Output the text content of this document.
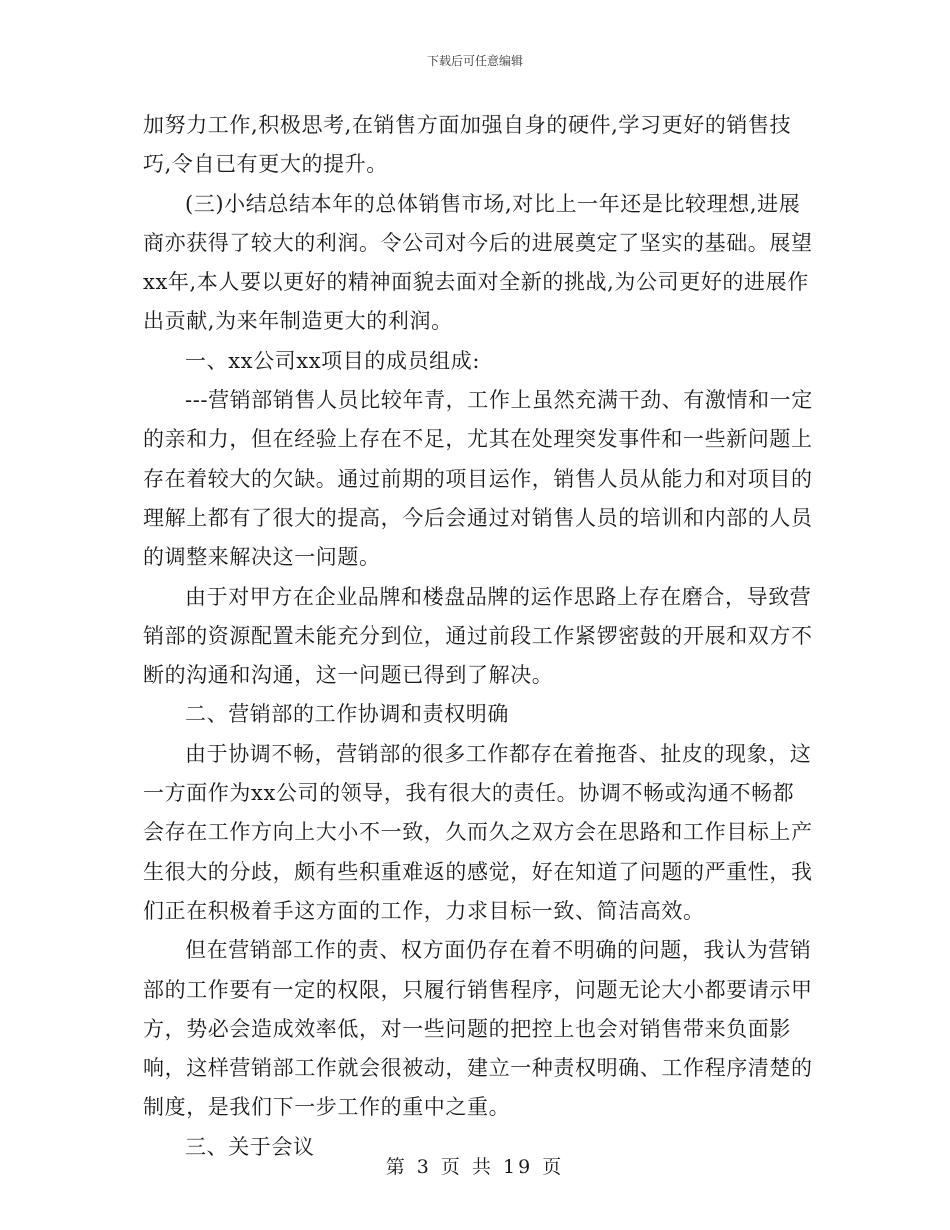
下载后可任意编辑

加努力工作,积极思考,在销售方面加强自身的硬件,学习更好的销售技巧,令自已有更大的提升。

(三)小结总结本年的总体销售市场,对比上一年还是比较理想,进展商亦获得了较大的利润。令公司对今后的进展奠定了坚实的基础。展望xx年,本人要以更好的精神面貌去面对全新的挑战,为公司更好的进展作出贡献,为来年制造更大的利润。

一、xx公司xx项目的成员组成:

---营销部销售人员比较年青，工作上虽然充满干劲、有激情和一定的亲和力，但在经验上存在不足，尤其在处理突发事件和一些新问题上存在着较大的欠缺。通过前期的项目运作，销售人员从能力和对项目的理解上都有了很大的提高，今后会通过对销售人员的培训和内部的人员的调整来解决这一问题。

由于对甲方在企业品牌和楼盘品牌的运作思路上存在磨合，导致营销部的资源配置未能充分到位，通过前段工作紧锣密鼓的开展和双方不断的沟通和沟通，这一问题已得到了解决。

二、营销部的工作协调和责权明确

由于协调不畅，营销部的很多工作都存在着拖沓、扯皮的现象，这一方面作为xx公司的领导，我有很大的责任。协调不畅或沟通不畅都会存在工作方向上大小不一致，久而久之双方会在思路和工作目标上产生很大的分歧，颇有些积重难返的感觉，好在知道了问题的严重性，我们正在积极着手这方面的工作，力求目标一致、简洁高效。

但在营销部工作的责、权方面仍存在着不明确的问题，我认为营销部的工作要有一定的权限，只履行销售程序，问题无论大小都要请示甲方，势必会造成效率低，对一些问题的把控上也会对销售带来负面影响，这样营销部工作就会很被动，建立一种责权明确、工作程序清楚的制度，是我们下一步工作的重中之重。

三、关于会议

第 3 页 共 19 页
